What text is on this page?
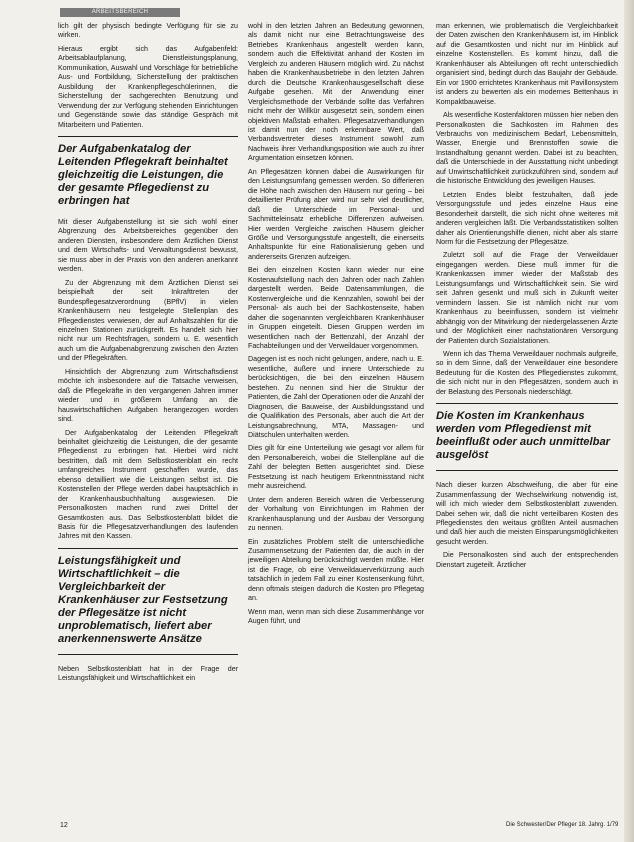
ARBEITSBEREICH

lich gilt der physisch bedingte Verfügung für sie zu wirken.

Hieraus ergibt sich das Aufgabenfeld: Arbeitsablaufplanung, Dienstleistungsplanung, Kommunikation, Auswahl und Vorschläge für betriebliche Aus- und Fortbildung, Sicherstellung der praktischen Ausbildung der Krankenpflegeschülerinnen, die Sicherstellung der sachgerechten Benutzung und Verwendung der zur Verfügung stehenden Einrichtungen und Gegenstände sowie das ständige Gespräch mit Mitarbeitern und Patienten.

Der Aufgabenkatalog der Leitenden Pflegekraft beinhaltet gleichzeitig die Leistungen, die der gesamte Pflegedienst zu erbringen hat

Mit dieser Aufgabenstellung ist sie sich wohl einer Abgrenzung des Arbeitsbereiches gegenüber den anderen Diensten, insbesondere dem Ärztlichen Dienst und dem Wirtschafts- und Verwaltungsdienst bewusst, sie muss aber in der Praxis von den anderen anerkannt werden.

Zu der Abgrenzung mit dem Ärztlichen Dienst sei beispielhaft der seit Inkrafttreten der Bundespflegesatzverordnung (BPflV) in vielen Krankenhäusern neu festgelegte Stellenplan des Pflegedienstes verwiesen, der auf Anhaltszahlen für die einzelnen Stationen zurückgreift. Es handelt sich hier nicht nur um Rechtsfragen, sondern u. E. wesentlich auch um die Aufgabenabgrenzung zwischen den Ärzten und der Pflegekräften.

Hinsichtlich der Abgrenzung zum Wirtschaftsdienst möchte ich insbesondere auf die Tatsache verweisen, daß die Pflegekräfte in den vergangenen Jahren immer wieder und in größerem Umfang an die hauswirtschaftlichen Aufgaben herangezogen worden sind.

Der Aufgabenkatalog der Leitenden Pflegekraft beinhaltet gleichzeitig die Leistungen, die der gesamte Pflegedienst zu erbringen hat. Hierbei wird nicht bestritten, daß mit dem Selbstkostenblatt ein recht umfangreiches Instrument geschaffen wurde, das ebenso detailliert wie die Leistungen selbst ist. Die Kostenstellen der Pflege werden dabei hauptsächlich in der Krankenhausbuchhaltung ausgewiesen. Die Personalkosten machen rund zwei Drittel der Gesamtkosten aus. Das Selbstkostenblatt bildet die Basis für die Pflegesatzverhandlungen des laufenden Jahres mit den Kassen.

Leistungsfähigkeit und Wirtschaftlichkeit – die Vergleichbarkeit der Krankenhäuser zur Festsetzung der Pflegesätze ist nicht unproblematisch, liefert aber anerkennenswerte Ansätze

Neben Selbstkostenblatt hat in der Frage der Leistungsfähigkeit und Wirtschaftlichkeit ein

wohl in den letzten Jahren an Bedeutung gewonnen, als damit nicht nur eine Betrachtungsweise des Betriebes Krankenhaus angestellt werden kann, sondern auch die Effektivität anhand der Kosten im Vergleich zu anderen Häusern möglich wird. Zu nächst haben die Krankenhausbetriebe in den letzten Jahren durch die Deutsche Krankenhausgesellschaft diese Aufgabe gesehen. Mit der Anwendung einer Vergleichsmethode der Verbände sollte das Verfahren nicht mehr der Willkür ausgesetzt sein, sondern einen objektiven Maßstab erhalten. Pflegesatzverhandlungen ist damit nun der noch erkennbare Wert, daß Verbandsvertreter dieses Instrument sowohl zum Nachweis ihrer Verhandlungsposition wie auch zu ihrer Argumentation einsetzen können.

An Pflegesätzen können dabei die Auswirkungen für den Leistungsumfang gemessen werden. So differieren die Höhe nach zwischen den Häusern nur gering – bei detaillierter Prüfung aber wird nur sehr viel deutlicher, daß die Unterschiede im Personal- und Sachmitteleinsatz erhebliche Differenzen aufweisen. Hier werden Vergleiche zwischen Häusern gleicher Größe und Versorgungsstufe angestellt, die einerseits Anhaltspunkte für eine Rationalisierung geben und andererseits Grenzen aufzeigen.

Bei den einzelnen Kosten kann wieder nur eine Kostenaufstellung nach den Jahren oder nach Zahlen dargestellt werden. Beide Datensammlungen, die Kostenvergleiche und die Kennzahlen, sowohl bei der Personal- als auch bei der Sachkostenseite, haben daher die sogenannten vergleichbaren Krankenhäuser in Gruppen eingeteilt. Diesen Gruppen werden im wesentlichen nach der Bettenzahl, der Anzahl der Fachabteilungen und der Verweildauer vorgenommen.

Dagegen ist es noch nicht gelungen, andere, nach u. E. wesentliche, äußere und innere Unterschiede zu berücksichtigen, die bei den einzelnen Häusern bestehen. Zu nennen sind hier die Struktur der Patienten, die Zahl der Operationen oder die Anzahl der Diagnosen, die Bauweise, der Ausbildungsstand und die Qualifikation des Personals, aber auch die Art der Leistungsabrechnung, MTA, Massagen- und Diätschulen unterhalten werden.

Dies gilt für eine Unterteilung wie gesagt vor allem für den Personalbereich, wobei die Stellenpläne auf die Zahl der belegten Betten ausgerichtet sind. Diese Festsetzung ist nach heutigem Erkenntnisstand nicht mehr ausreichend.

Unter dem anderen Bereich wären die Verbesserung der Vorhaltung von Einrichtungen im Rahmen der Krankenhausplanung und der Ausbau der Versorgung zu nennen.

Ein zusätzliches Problem stellt die unterschiedliche Zusammensetzung der Patienten dar, die auch in der jeweiligen Abteilung berücksichtigt werden müßte. Hier ist die Frage, ob eine Verweildauerverkürzung auch tatsächlich in jedem Fall zu einer Kostensenkung führt, denn oftmals steigen dadurch die Kosten pro Pflegetag an.

Wenn man, wenn man sich diese Zusammenhänge vor Augen führt, und

man erkennen, wie problematisch die Vergleichbarkeit der Daten zwischen den Krankenhäusern ist, im Hinblick auf die Gesamtkosten und nicht nur im Hinblick auf einzelne Kostenstellen. Es kommt hinzu, daß die Krankenhäuser als Abteilungen oft recht unterschiedlich organisiert sind, bedingt durch das Baujahr der Gebäude. Ein vor 1900 errichtetes Krankenhaus mit Pavillonsystem ist anders zu bewerten als ein modernes Bettenhaus in Kompaktbauweise.

Als wesentliche Kostenfaktoren müssen hier neben den Personalkosten die Sachkosten im Rahmen des Verbrauchs von medizinischem Bedarf, Lebensmitteln, Wasser, Energie und Brennstoffen sowie die Instandhaltung genannt werden. Dabei ist zu beachten, daß die Unterschiede in der Ausstattung nicht unbedingt auf Unwirtschaftlichkeit zurückzuführen sind, sondern auf die historische Entwicklung des jeweiligen Hauses.

Letzten Endes bleibt festzuhalten, daß jede Versorgungsstufe und jedes einzelne Haus eine Besonderheit darstellt, die sich nicht ohne weiteres mit anderen vergleichen läßt. Die Verbandsstatistiken sollten daher als Orientierungshilfe dienen, nicht aber als starre Norm für die Festsetzung der Pflegesätze.

Zuletzt soll auf die Frage der Verweildauer eingegangen werden. Diese muß immer für die Krankenkassen immer wieder der Maßstab des Leistungsumfangs und Wirtschaftlichkeit sein. Sie wird seit Jahren gesenkt und muß sich in Zukunft weiter vermindern lassen. Sie ist nämlich nicht nur vom Krankenhaus zu beeinflussen, sondern ist vielmehr abhängig von der Mitwirkung der niedergelassenen Ärzte und der Möglichkeit einer nachstationären Versorgung der Patienten durch Sozialstationen.

Wenn ich das Thema Verweildauer nochmals aufgreife, so in dem Sinne, daß der Verweildauer eine besondere Bedeutung für die Kosten des Pflegedienstes zukommt, die sich nicht nur in den Pflegesätzen, sondern auch in der Belastung des Personals niederschlägt.

Die Kosten im Krankenhaus werden vom Pflegedienst mit beeinflußt oder auch unmittelbar ausgelöst

Nach dieser kurzen Abschweifung, die aber für eine Zusammenfassung der Wechselwirkung notwendig ist, will ich mich wieder dem Selbstkostenblatt zuwenden. Dabei sehen wir, daß die nicht verteilbaren Kosten des Pflegedienstes den weitaus größten Anteil ausmachen und daß hier auch die meisten Einsparungsmöglichkeiten gesucht werden.

Die Personalkosten sind auch der entsprechenden Dienstart zugeteilt. Ärztlicher

12	Die Schwester/Der Pfleger 18. Jahrg. 1/79
